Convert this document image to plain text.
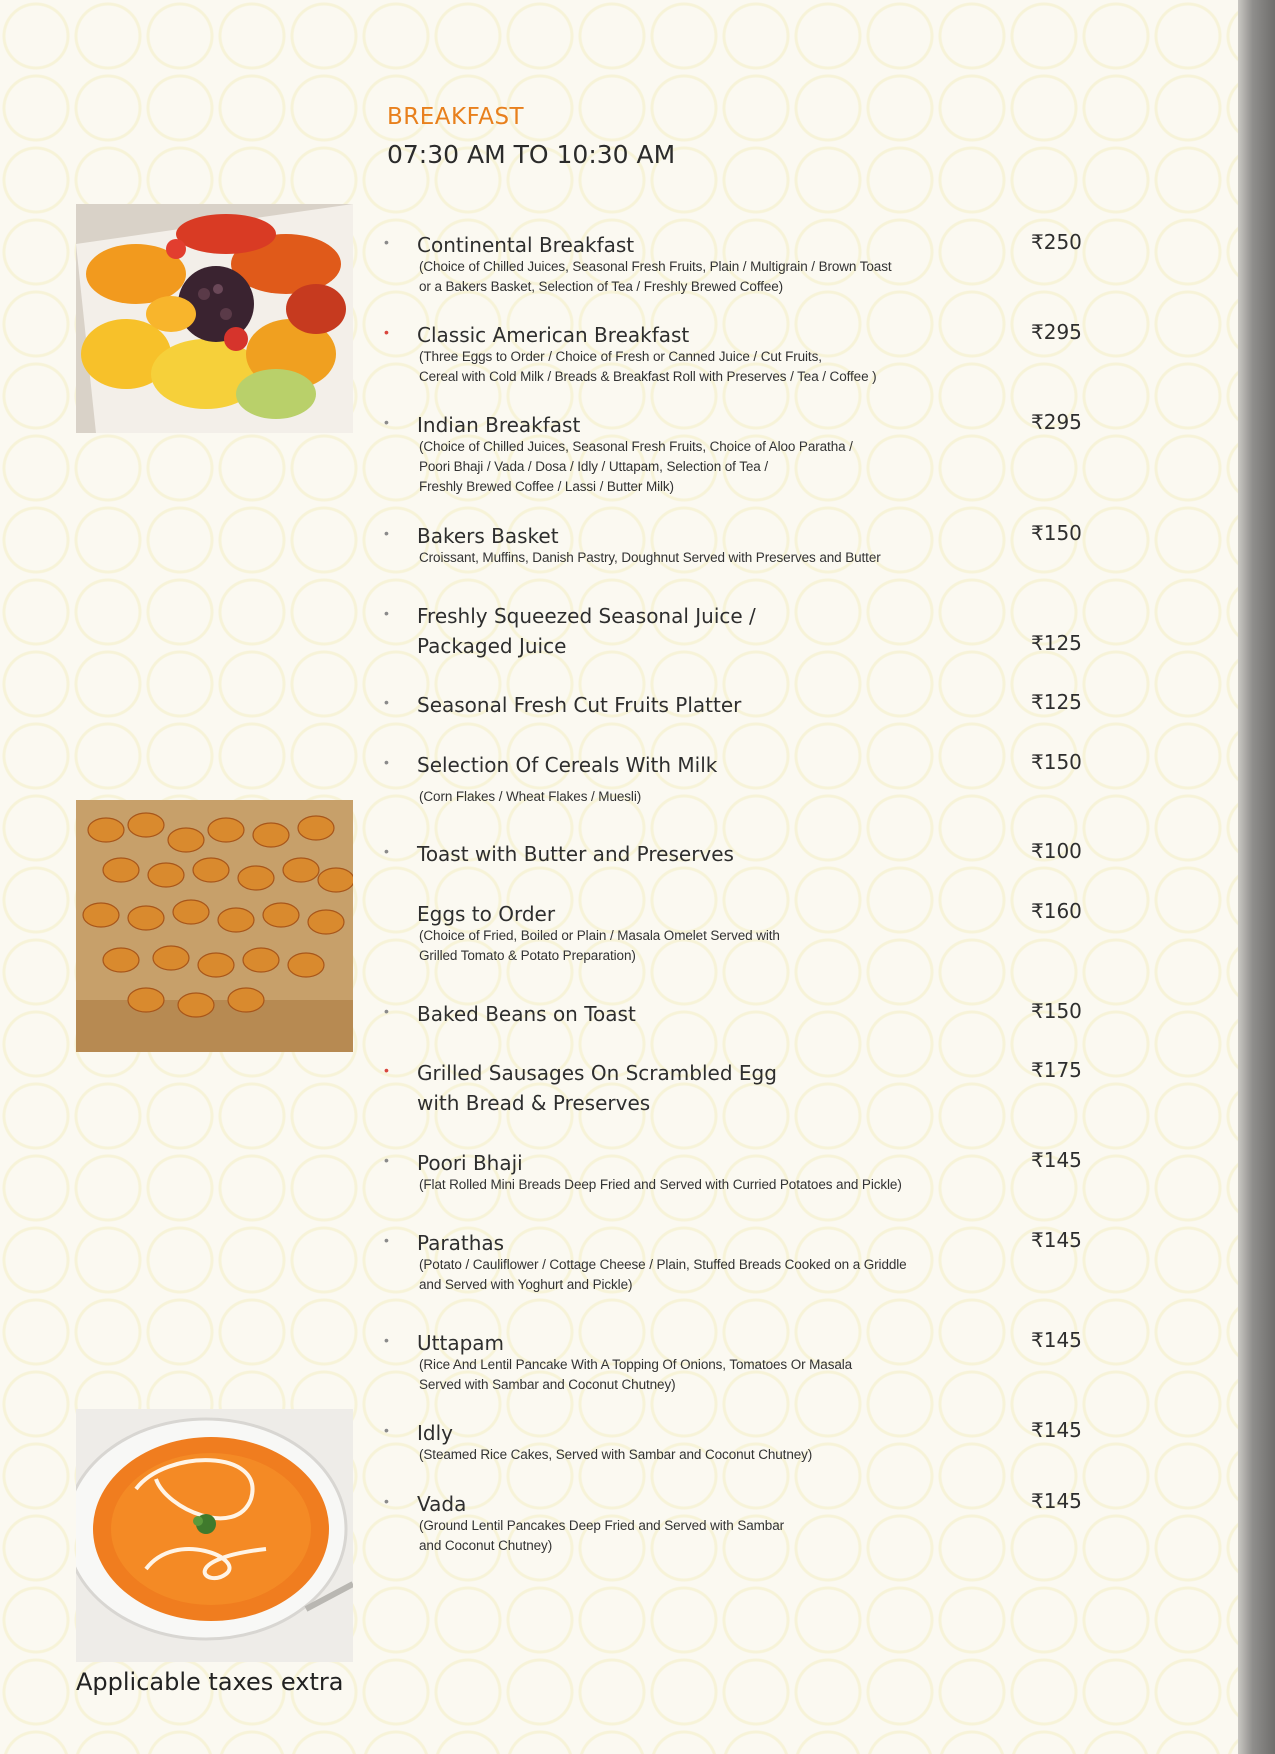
BREAKFAST
07:30 AM TO 10:30 AM
• Continental Breakfast
(Choice of Chilled Juices, Seasonal Fresh Fruits, Plain / Multigrain / Brown Toast
or a Bakers Basket, Selection of Tea / Freshly Brewed Coffee)
₹250
• Classic American Breakfast
(Three Eggs to Order / Choice of Fresh or Canned Juice / Cut Fruits,
Cereal with Cold Milk / Breads & Breakfast Roll with Preserves / Tea / Coffee )
₹295
• Indian Breakfast
(Choice of Chilled Juices, Seasonal Fresh Fruits, Choice of Aloo Paratha /
Poori Bhaji / Vada / Dosa / Idly / Uttapam, Selection of Tea /
Freshly Brewed Coffee / Lassi / Butter Milk)
₹295
• Bakers Basket
Croissant, Muffins, Danish Pastry, Doughnut Served with Preserves and Butter
₹150
• Freshly Squeezed Seasonal Juice /
Packaged Juice	₹125
• Seasonal Fresh Cut Fruits Platter	₹125
• Selection Of Cereals With Milk
(Corn Flakes / Wheat Flakes / Muesli)
₹150
• Toast with Butter and Preserves	₹100
Eggs to Order
(Choice of Fried, Boiled or Plain / Masala Omelet Served with
Grilled Tomato & Potato Preparation)
₹160
• Baked Beans on Toast	₹150
• Grilled Sausages On Scrambled Egg
with Bread & Preserves
₹175
• Poori Bhaji
(Flat Rolled Mini Breads Deep Fried and Served with Curried Potatoes and Pickle)
₹145
• Parathas
(Potato / Cauliflower / Cottage Cheese / Plain, Stuffed Breads Cooked on a Griddle
and Served with Yoghurt and Pickle)
₹145
• Uttapam
(Rice And Lentil Pancake With A Topping Of Onions, Tomatoes Or Masala
Served with Sambar and Coconut Chutney)
₹145
• Idly
(Steamed Rice Cakes, Served with Sambar and Coconut Chutney)
₹145
• Vada
(Ground Lentil Pancakes Deep Fried and Served with Sambar
and Coconut Chutney)
₹145
Applicable taxes extra
